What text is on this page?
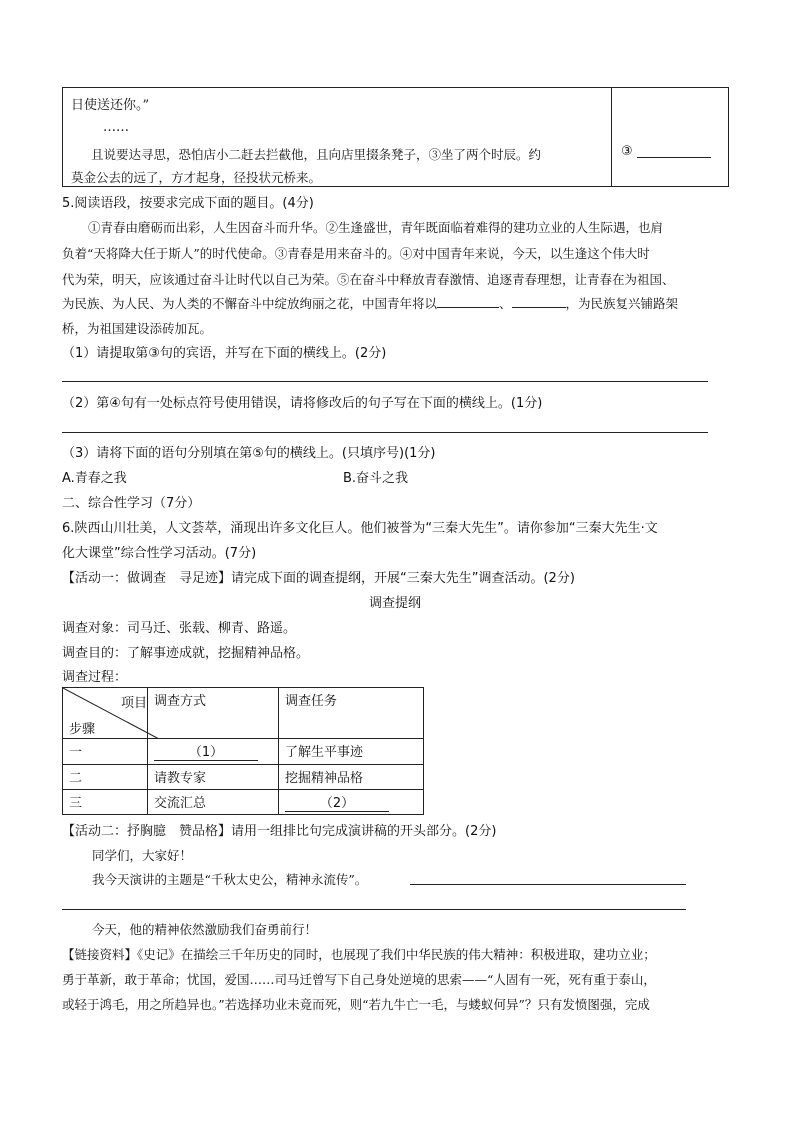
日使送还你。”
……
且说要达寻思，恐怕店小二赶去拦截他，且向店里掇条凳子，③坐了两个时辰。约
莫金公去的远了，方才起身，径投状元桥来。
③
5.阅读语段，按要求完成下面的题目。(4分)
①青春由磨砺而出彩，人生因奋斗而升华。②生逢盛世，青年既面临着难得的建功立业的人生际遇，也肩
负着“天将降大任于斯人”的时代使命。③青春是用来奋斗的。④对中国青年来说，今天，以生逢这个伟大时
代为荣，明天，应该通过奋斗让时代以自己为荣。⑤在奋斗中释放青春激情、追逐青春理想，让青春在为祖国、
为民族、为人民、为人类的不懈奋斗中绽放绚丽之花，中国青年将以	、	，为民族复兴铺路架
桥，为祖国建设添砖加瓦。
（1）请提取第③句的宾语，并写在下面的横线上。(2分)
（2）第④句有一处标点符号使用错误，请将修改后的句子写在下面的横线上。(1分)
（3）请将下面的语句分别填在第⑤句的横线上。(只填序号)(1分)
A.青春之我	B.奋斗之我
二、综合性学习（7分）
6.陕西山川壮美，人文荟萃，涌现出许多文化巨人。他们被誉为“三秦大先生”。请你参加“三秦大先生·文
化大课堂”综合性学习活动。(7分)
【活动一：做调查　寻足迹】请完成下面的调查提纲，开展“三秦大先生”调查活动。(2分)
调查提纲
调查对象：司马迁、张载、柳青、路遥。
调查目的：了解事迹成就，挖掘精神品格。
调查过程：
项目
步骤	调查方式	调查任务
一	（1）	了解生平事迹
二	请教专家	挖掘精神品格
三	交流汇总	（2）
【活动二：抒胸臆　赞品格】请用一组排比句完成演讲稿的开头部分。(2分)
同学们，大家好！
我今天演讲的主题是“千秋太史公，精神永流传”。
今天，他的精神依然激励我们奋勇前行！
【链接资料】《史记》在描绘三千年历史的同时，也展现了我们中华民族的伟大精神：积极进取，建功立业；
勇于革新，敢于革命；忧国，爱国……司马迁曾写下自己身处逆境的思索——“人固有一死，死有重于泰山，
或轻于鸿毛，用之所趋异也。”若选择功业未竟而死，则“若九牛亡一毛，与蝼蚁何异”？只有发愤图强，完成
